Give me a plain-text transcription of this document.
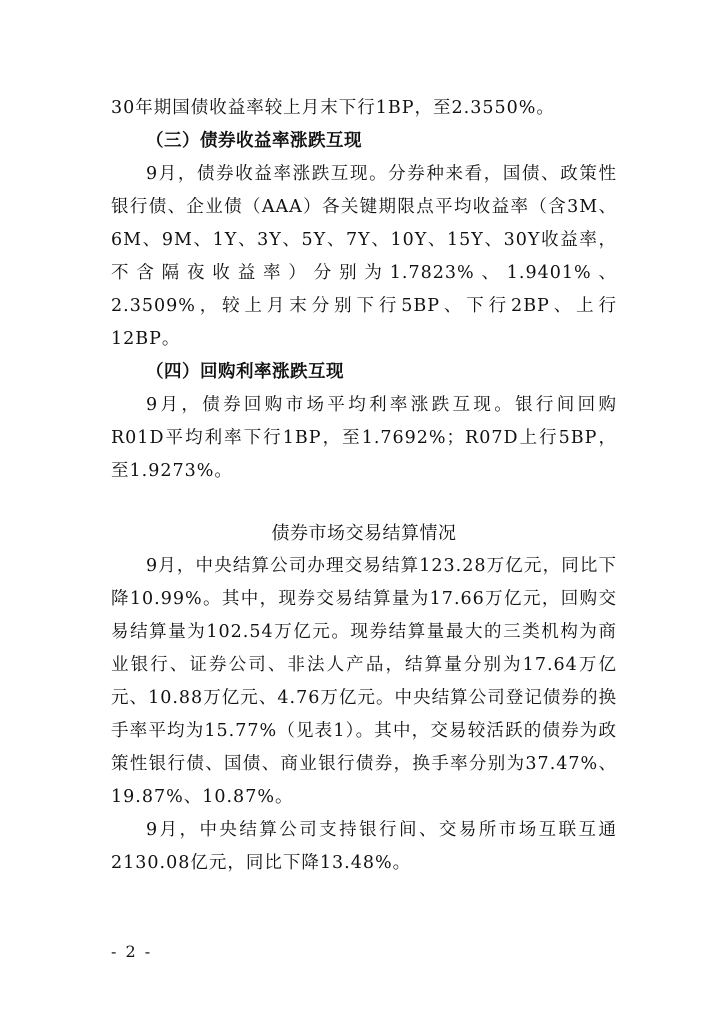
30年期国债收益率较上月末下行1BP，至2.3550%。

（三）债券收益率涨跌互现

9月，债券收益率涨跌互现。分券种来看，国债、政策性银行债、企业债（AAA）各关键期限点平均收益率（含3M、6M、9M、1Y、3Y、5Y、7Y、10Y、15Y、30Y收益率，不含隔夜收益率）分别为1.7823%、1.9401%、2.3509%，较上月末分别下行5BP、下行2BP、上行12BP。

（四）回购利率涨跌互现

9月，债券回购市场平均利率涨跌互现。银行间回购R01D平均利率下行1BP，至1.7692%；R07D上行5BP，至1.9273%。

债券市场交易结算情况

9月，中央结算公司办理交易结算123.28万亿元，同比下降10.99%。其中，现券交易结算量为17.66万亿元，回购交易结算量为102.54万亿元。现券结算量最大的三类机构为商业银行、证券公司、非法人产品，结算量分别为17.64万亿元、10.88万亿元、4.76万亿元。中央结算公司登记债券的换手率平均为15.77%（见表1）。其中，交易较活跃的债券为政策性银行债、国债、商业银行债券，换手率分别为37.47%、19.87%、10.87%。

9月，中央结算公司支持银行间、交易所市场互联互通2130.08亿元，同比下降13.48%。

- 2 -
